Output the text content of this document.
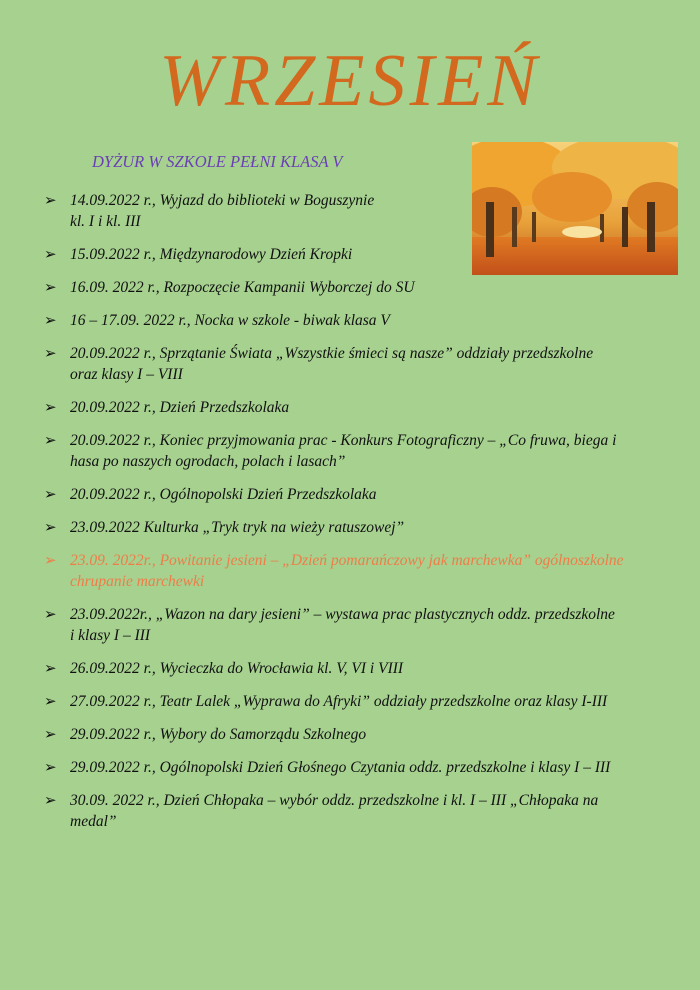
WRZESIEŃ
DYŻUR W SZKOLE PEŁNI KLASA V
➢ 14.09.2022 r., Wyjazd do biblioteki w Boguszynie
kl. I i kl. III
➢ 15.09.2022 r., Międzynarodowy Dzień Kropki
➢ 16.09. 2022 r., Rozpoczęcie Kampanii Wyborczej do SU
➢ 16 – 17.09. 2022 r., Nocka w szkole - biwak klasa V
➢ 20.09.2022 r., Sprzątanie Świata „Wszystkie śmieci są nasze” oddziały przedszkolne
oraz klasy I – VIII
➢ 20.09.2022 r., Dzień Przedszkolaka
➢ 20.09.2022 r., Koniec przyjmowania prac - Konkurs Fotograficzny – „Co fruwa, biega i
hasa po naszych ogrodach, polach i lasach”
➢ 20.09.2022 r., Ogólnopolski Dzień Przedszkolaka
➢ 23.09.2022 Kulturka „Tryk tryk na wieży ratuszowej”
➢ 23.09. 2022r., Powitanie jesieni – „Dzień pomarańczowy jak marchewka” ogólnoszkolne
chrupanie marchewki
➢ 23.09.2022r., „Wazon na dary jesieni” – wystawa prac plastycznych oddz. przedszkolne
i klasy I – III
➢ 26.09.2022 r., Wycieczka do Wrocławia kl. V, VI i VIII
➢ 27.09.2022 r., Teatr Lalek „Wyprawa do Afryki” oddziały przedszkolne oraz klasy I-III
➢ 29.09.2022 r., Wybory do Samorządu Szkolnego
➢ 29.09.2022 r., Ogólnopolski Dzień Głośnego Czytania oddz. przedszkolne i klasy I – III
➢ 30.09. 2022 r., Dzień Chłopaka – wybór oddz. przedszkolne i kl. I – III „Chłopaka na
medal”
